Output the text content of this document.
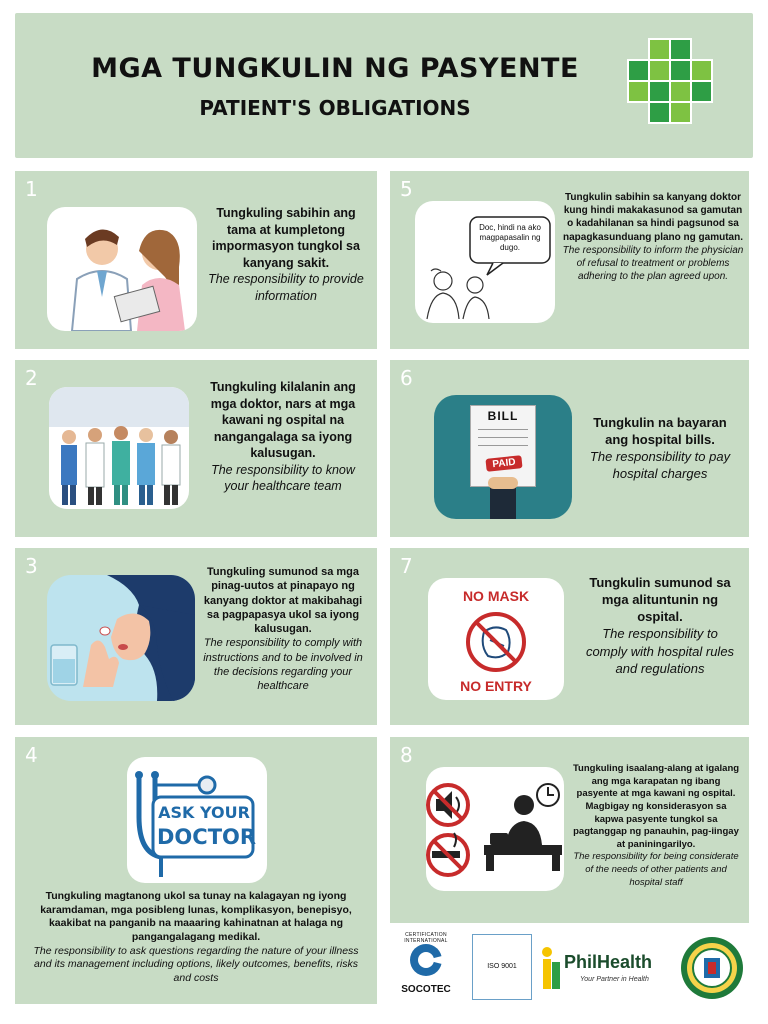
MGA TUNGKULIN NG PASYENTE
PATIENT'S OBLIGATIONS
1
Tungkuling sabihin ang tama at kumpletong impormasyon tungkol sa kanyang sakit.
The responsibility to provide information
5
Doc, hindi na ako magpapasalin ng dugo.
Tungkulin sabihin sa kanyang doktor kung hindi makakasunod sa gamutan o kadahilanan sa hindi pagsunod sa napagkasunduang plano ng gamutan.
The responsibility to inform the physician of refusal to treatment or problems adhering to the plan agreed upon.
2	Tungkuling kilalanin ang mga doktor, nars at mga kawani ng ospital na nangangalaga sa iyong kalusugan.
The responsibility to know your healthcare team
6
BILL
PAID
Tungkulin na bayaran ang hospital bills.
The responsibility to pay hospital charges
3	Tungkuling sumunod sa mga pinag-uutos at pinapayo ng kanyang doktor at makibahagi sa pagpapasya ukol sa iyong kalusugan.
The responsibility to comply with instructions and to be involved in the decisions regarding your healthcare
7
NO MASK
NO ENTRY
Tungkulin sumunod sa mga alituntunin ng ospital.
The responsibility to comply with hospital rules and regulations
4
ASK YOUR
DOCTOR
Tungkuling magtanong ukol sa tunay na kalagayan ng iyong karamdaman, mga posibleng lunas, komplikasyon, benepisyo, kaakibat na panganib na maaaring kahinatnan at halaga ng pangangalagang medikal.
The responsibility to ask questions regarding the nature of your illness and its management including options, likely outcomes, benefits, risks and costs
8
Tungkuling isaalang-alang at igalang ang mga karapatan ng ibang pasyente at mga kawani ng ospital. Magbigay ng konsiderasyon sa kapwa pasyente tungkol sa pagtanggap ng panauhin, pag-iingay at paniningarilyo.
The responsibility for being considerate of the needs of other patients and hospital staff
CERTIFICATION INTERNATIONAL
SOCOTEC
ISO 9001	PhilHealth
Your Partner in Health
